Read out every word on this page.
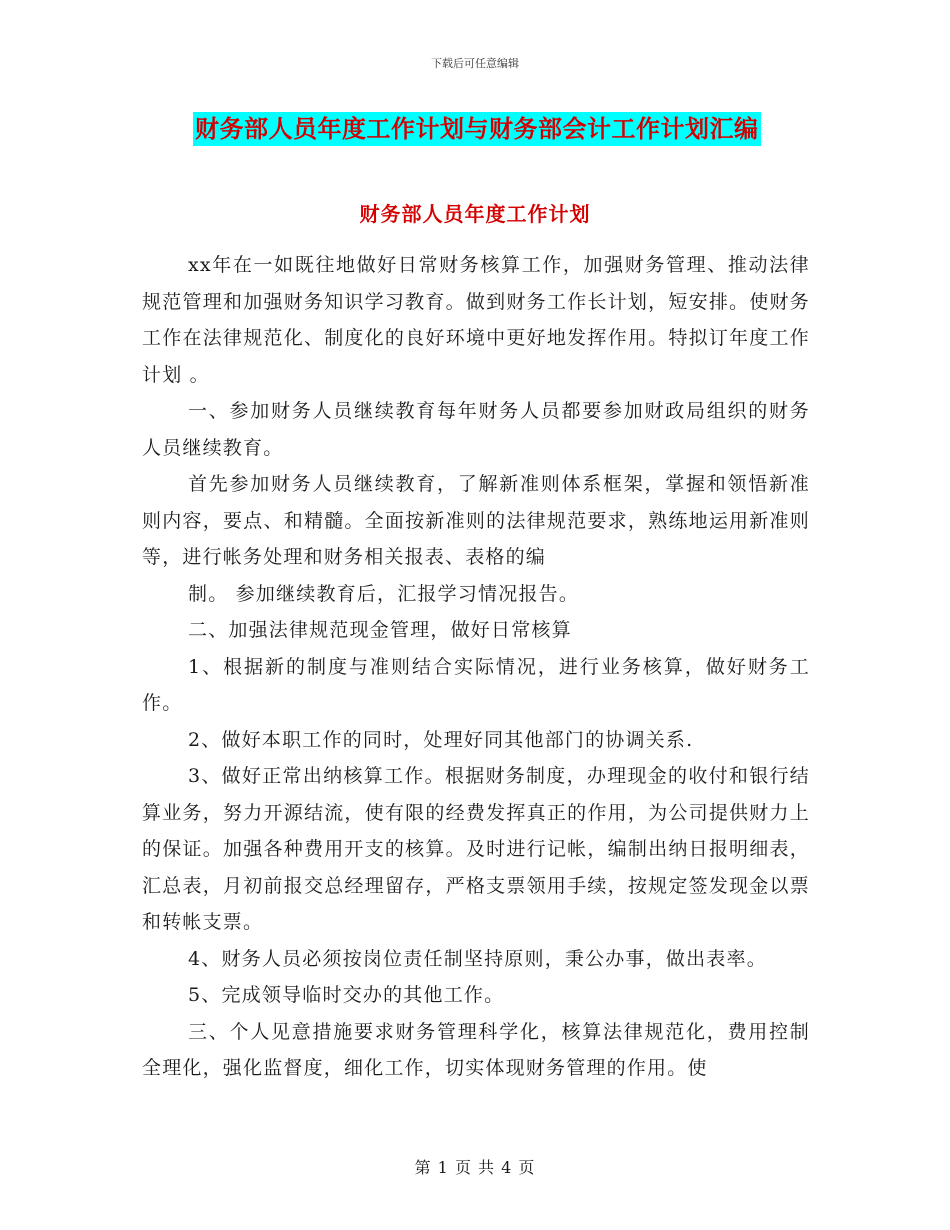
下载后可任意编辑
财务部人员年度工作计划与财务部会计工作计划汇编
财务部人员年度工作计划

xx年在一如既往地做好日常财务核算工作，加强财务管理、推动法律规范管理和加强财务知识学习教育。做到财务工作长计划，短安排。使财务工作在法律规范化、制度化的良好环境中更好地发挥作用。特拟订年度工作计划 。

一、参加财务人员继续教育每年财务人员都要参加财政局组织的财务人员继续教育。

首先参加财务人员继续教育，了解新准则体系框架，掌握和领悟新准则内容，要点、和精髓。全面按新准则的法律规范要求，熟练地运用新准则等，进行帐务处理和财务相关报表、表格的编

制。 参加继续教育后，汇报学习情况报告。

二、加强法律规范现金管理，做好日常核算

1、根据新的制度与准则结合实际情况，进行业务核算，做好财务工作。

2、做好本职工作的同时，处理好同其他部门的协调关系.

3、做好正常出纳核算工作。根据财务制度，办理现金的收付和银行结算业务，努力开源结流，使有限的经费发挥真正的作用，为公司提供财力上的保证。加强各种费用开支的核算。及时进行记帐，编制出纳日报明细表，汇总表，月初前报交总经理留存，严格支票领用手续，按规定签发现金以票和转帐支票。

4、财务人员必须按岗位责任制坚持原则，秉公办事，做出表率。

5、完成领导临时交办的其他工作。

三、个人见意措施要求财务管理科学化，核算法律规范化，费用控制全理化，强化监督度，细化工作，切实体现财务管理的作用。使

第 1 页 共 4 页
